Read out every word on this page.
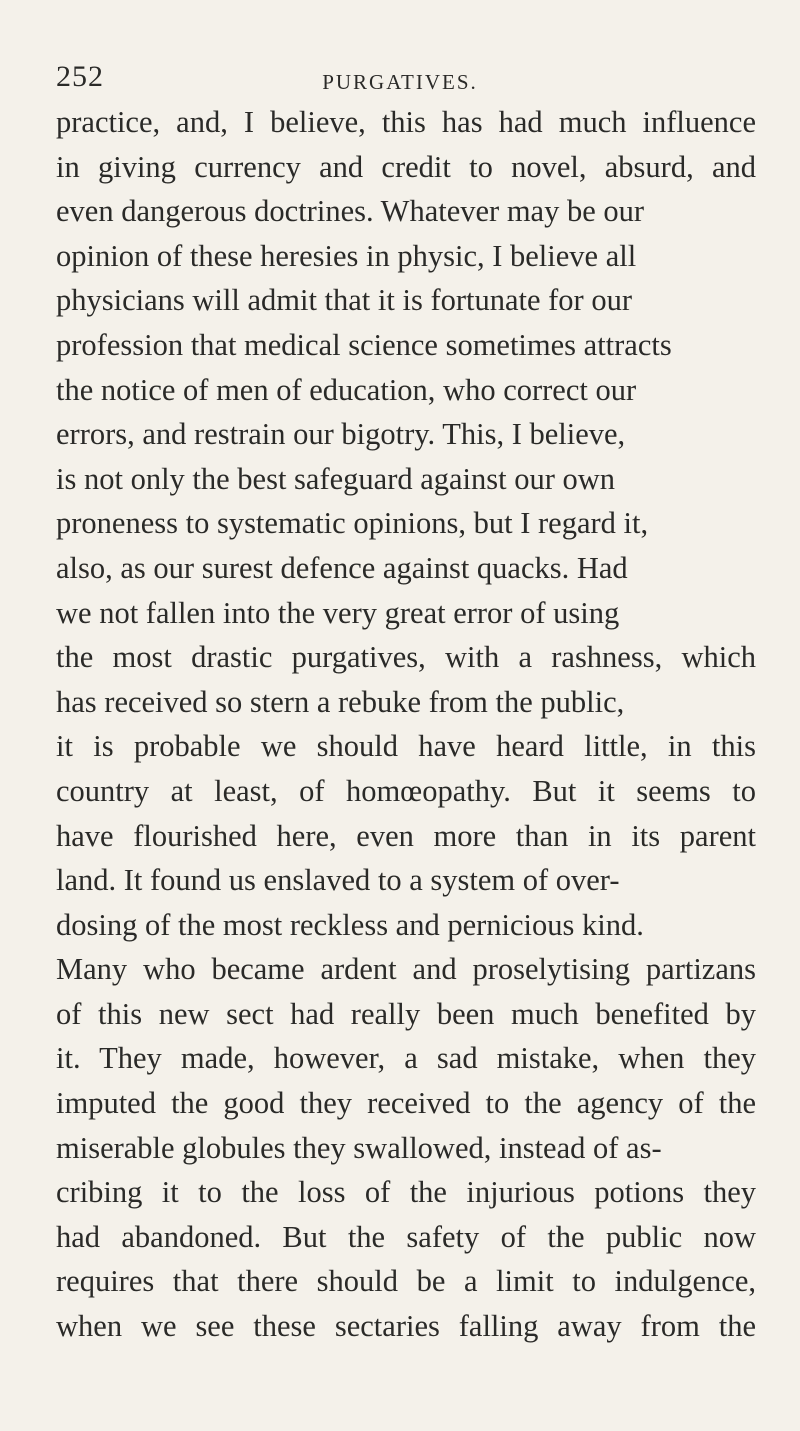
252	PURGATIVES.
practice, and, I believe, this has had much influence
in giving currency and credit to novel, absurd, and
even dangerous doctrines. Whatever may be our
opinion of these heresies in physic, I believe all
physicians will admit that it is fortunate for our
profession that medical science sometimes attracts
the notice of men of education, who correct our
errors, and restrain our bigotry. This, I believe,
is not only the best safeguard against our own
proneness to systematic opinions, but I regard it,
also, as our surest defence against quacks. Had
we not fallen into the very great error of using
the most drastic purgatives, with a rashness, which
has received so stern a rebuke from the public,
it is probable we should have heard little, in this
country at least, of homœopathy. But it seems to
have flourished here, even more than in its parent
land. It found us enslaved to a system of over-
dosing of the most reckless and pernicious kind.
Many who became ardent and proselytising partizans
of this new sect had really been much benefited by
it. They made, however, a sad mistake, when they
imputed the good they received to the agency of the
miserable globules they swallowed, instead of as-
cribing it to the loss of the injurious potions they
had abandoned. But the safety of the public now
requires that there should be a limit to indulgence,
when we see these sectaries falling away from the
